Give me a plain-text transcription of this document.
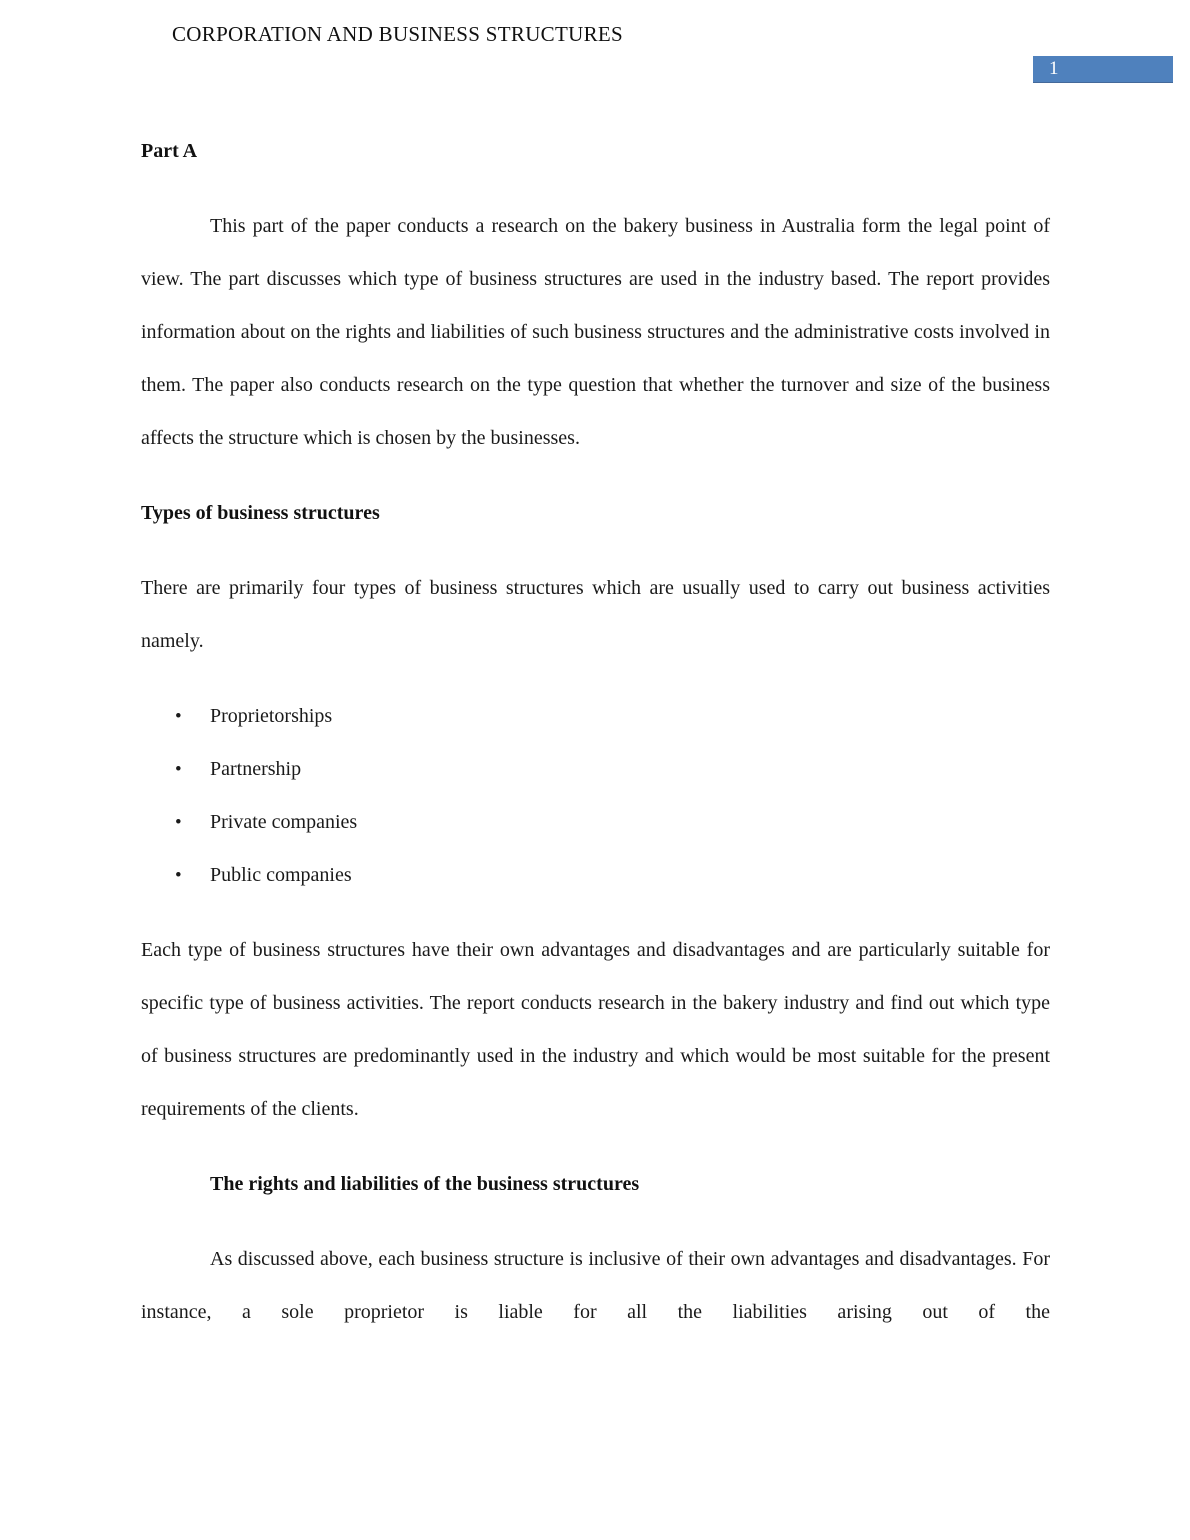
CORPORATION AND BUSINESS STRUCTURES
1
Part A

This part of the paper conducts a research on the bakery business in Australia form the legal point of view. The part discusses which type of business structures are used in the industry based. The report provides information about on the rights and liabilities of such business structures and the administrative costs involved in them. The paper also conducts research on the type question that whether the turnover and size of the business affects the structure which is chosen by the businesses.

Types of business structures

There are primarily four types of business structures which are usually used to carry out business activities namely.

• Proprietorships
• Partnership
• Private companies
• Public companies

Each type of business structures have their own advantages and disadvantages and are particularly suitable for specific type of business activities. The report conducts research in the bakery industry and find out which type of business structures are predominantly used in the industry and which would be most suitable for the present requirements of the clients.

The rights and liabilities of the business structures

As discussed above, each business structure is inclusive of their own advantages and disadvantages. For instance, a sole proprietor is liable for all the liabilities arising out of the
